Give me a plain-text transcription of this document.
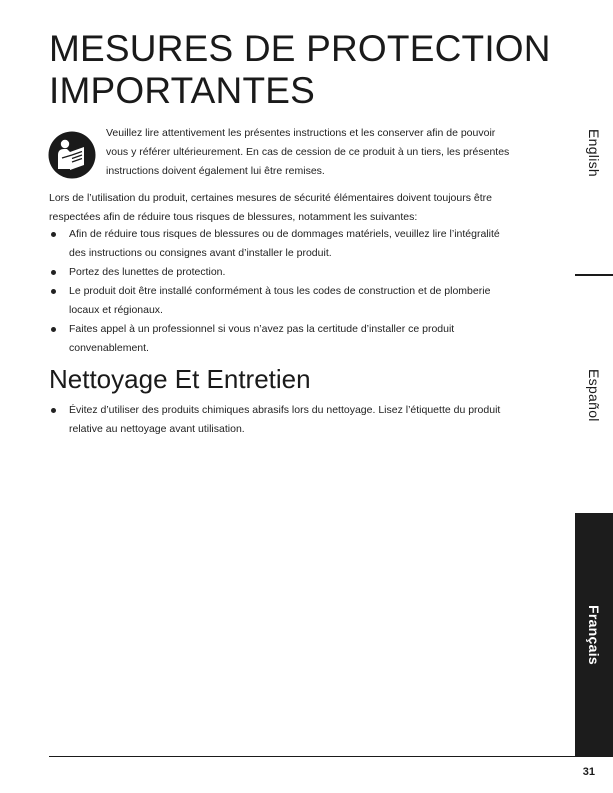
MESURES DE PROTECTION
IMPORTANTES
Veuillez lire attentivement les présentes instructions et les conserver afin de pouvoir
vous y référer ultérieurement. En cas de cession de ce produit à un tiers, les présentes
instructions doivent également lui être remises.
Lors de l’utilisation du produit, certaines mesures de sécurité élémentaires doivent toujours être
respectées afin de réduire tous risques de blessures, notamment les suivantes:
Afin de réduire tous risques de blessures ou de dommages matériels, veuillez lire l’intégralité
des instructions ou consignes avant d’installer le produit.
Portez des lunettes de protection.
Le produit doit être installé conformément à tous les codes de construction et de plomberie
locaux et régionaux.
Faites appel à un professionnel si vous n’avez pas la certitude d’installer ce produit
convenablement.
Nettoyage Et Entretien
Évitez d’utiliser des produits chimiques abrasifs lors du nettoyage. Lisez l’étiquette du produit
relative au nettoyage avant utilisation.
English
Español
Français
31
